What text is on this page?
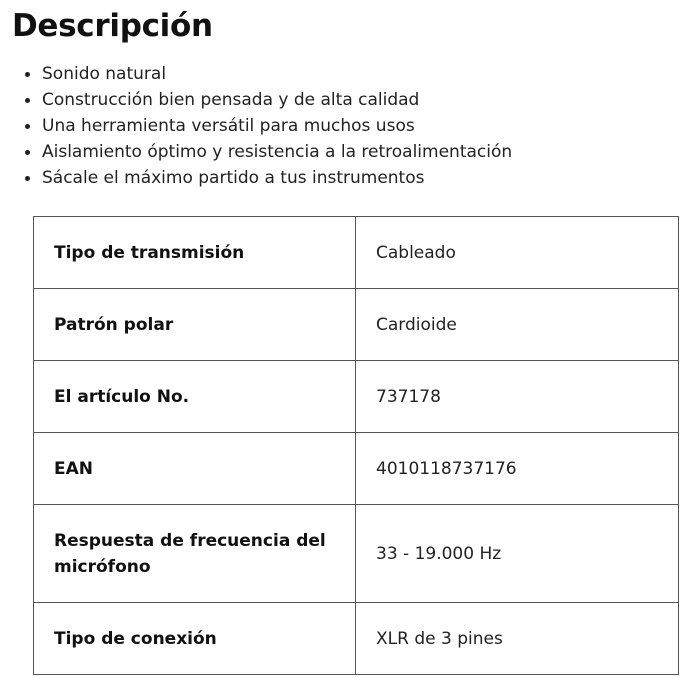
Descripción
Sonido natural
Construcción bien pensada y de alta calidad
Una herramienta versátil para muchos usos
Aislamiento óptimo y resistencia a la retroalimentación
Sácale el máximo partido a tus instrumentos
Tipo de transmisión	Cableado
Patrón polar	Cardioide
El artículo No.	737178
EAN	4010118737176
Respuesta de frecuencia del micrófono	33 - 19.000 Hz
Tipo de conexión	XLR de 3 pines
